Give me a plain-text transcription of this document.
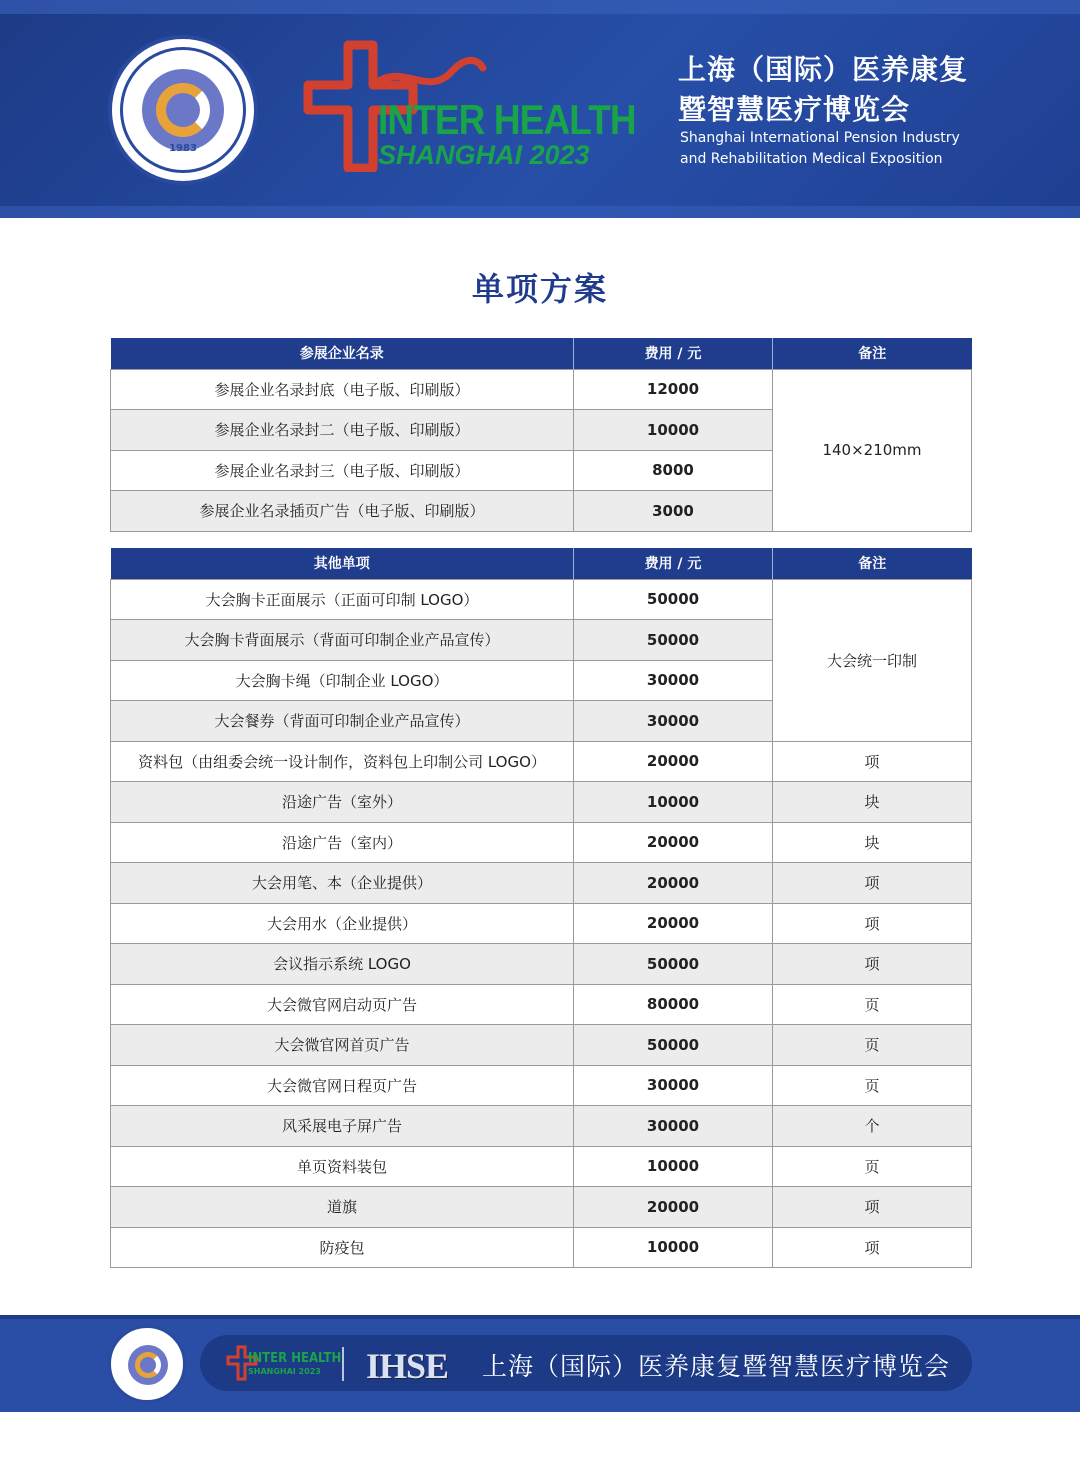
1983
INTER HEALTH
SHANGHAI 2023
上海（国际）医养康复
暨智慧医疗博览会
Shanghai International Pension Industry
and Rehabilitation Medical Exposition
单项方案
参展企业名录	费用 / 元	备注
参展企业名录封底（电子版、印刷版）	12000	140×210mm
参展企业名录封二（电子版、印刷版）	10000	
参展企业名录封三（电子版、印刷版）	8000	
参展企业名录插页广告（电子版、印刷版）	3000	
其他单项	费用 / 元	备注
大会胸卡正面展示（正面可印制 LOGO）	50000	大会统一印制
大会胸卡背面展示（背面可印制企业产品宣传）	50000	
大会胸卡绳（印制企业 LOGO）	30000	
大会餐券（背面可印制企业产品宣传）	30000	
资料包（由组委会统一设计制作，资料包上印制公司 LOGO）	20000	项
沿途广告（室外）	10000	块
沿途广告（室内）	20000	块
大会用笔、本（企业提供）	20000	项
大会用水（企业提供）	20000	项
会议指示系统 LOGO	50000	项
大会微官网启动页广告	80000	页
大会微官网首页广告	50000	页
大会微官网日程页广告	30000	页
风采展电子屏广告	30000	个
单页资料装包	10000	页
道旗	20000	项
防疫包	10000	项
INTER HEALTH
SHANGHAI 2023 IHSE 上海（国际）医养康复暨智慧医疗博览会
